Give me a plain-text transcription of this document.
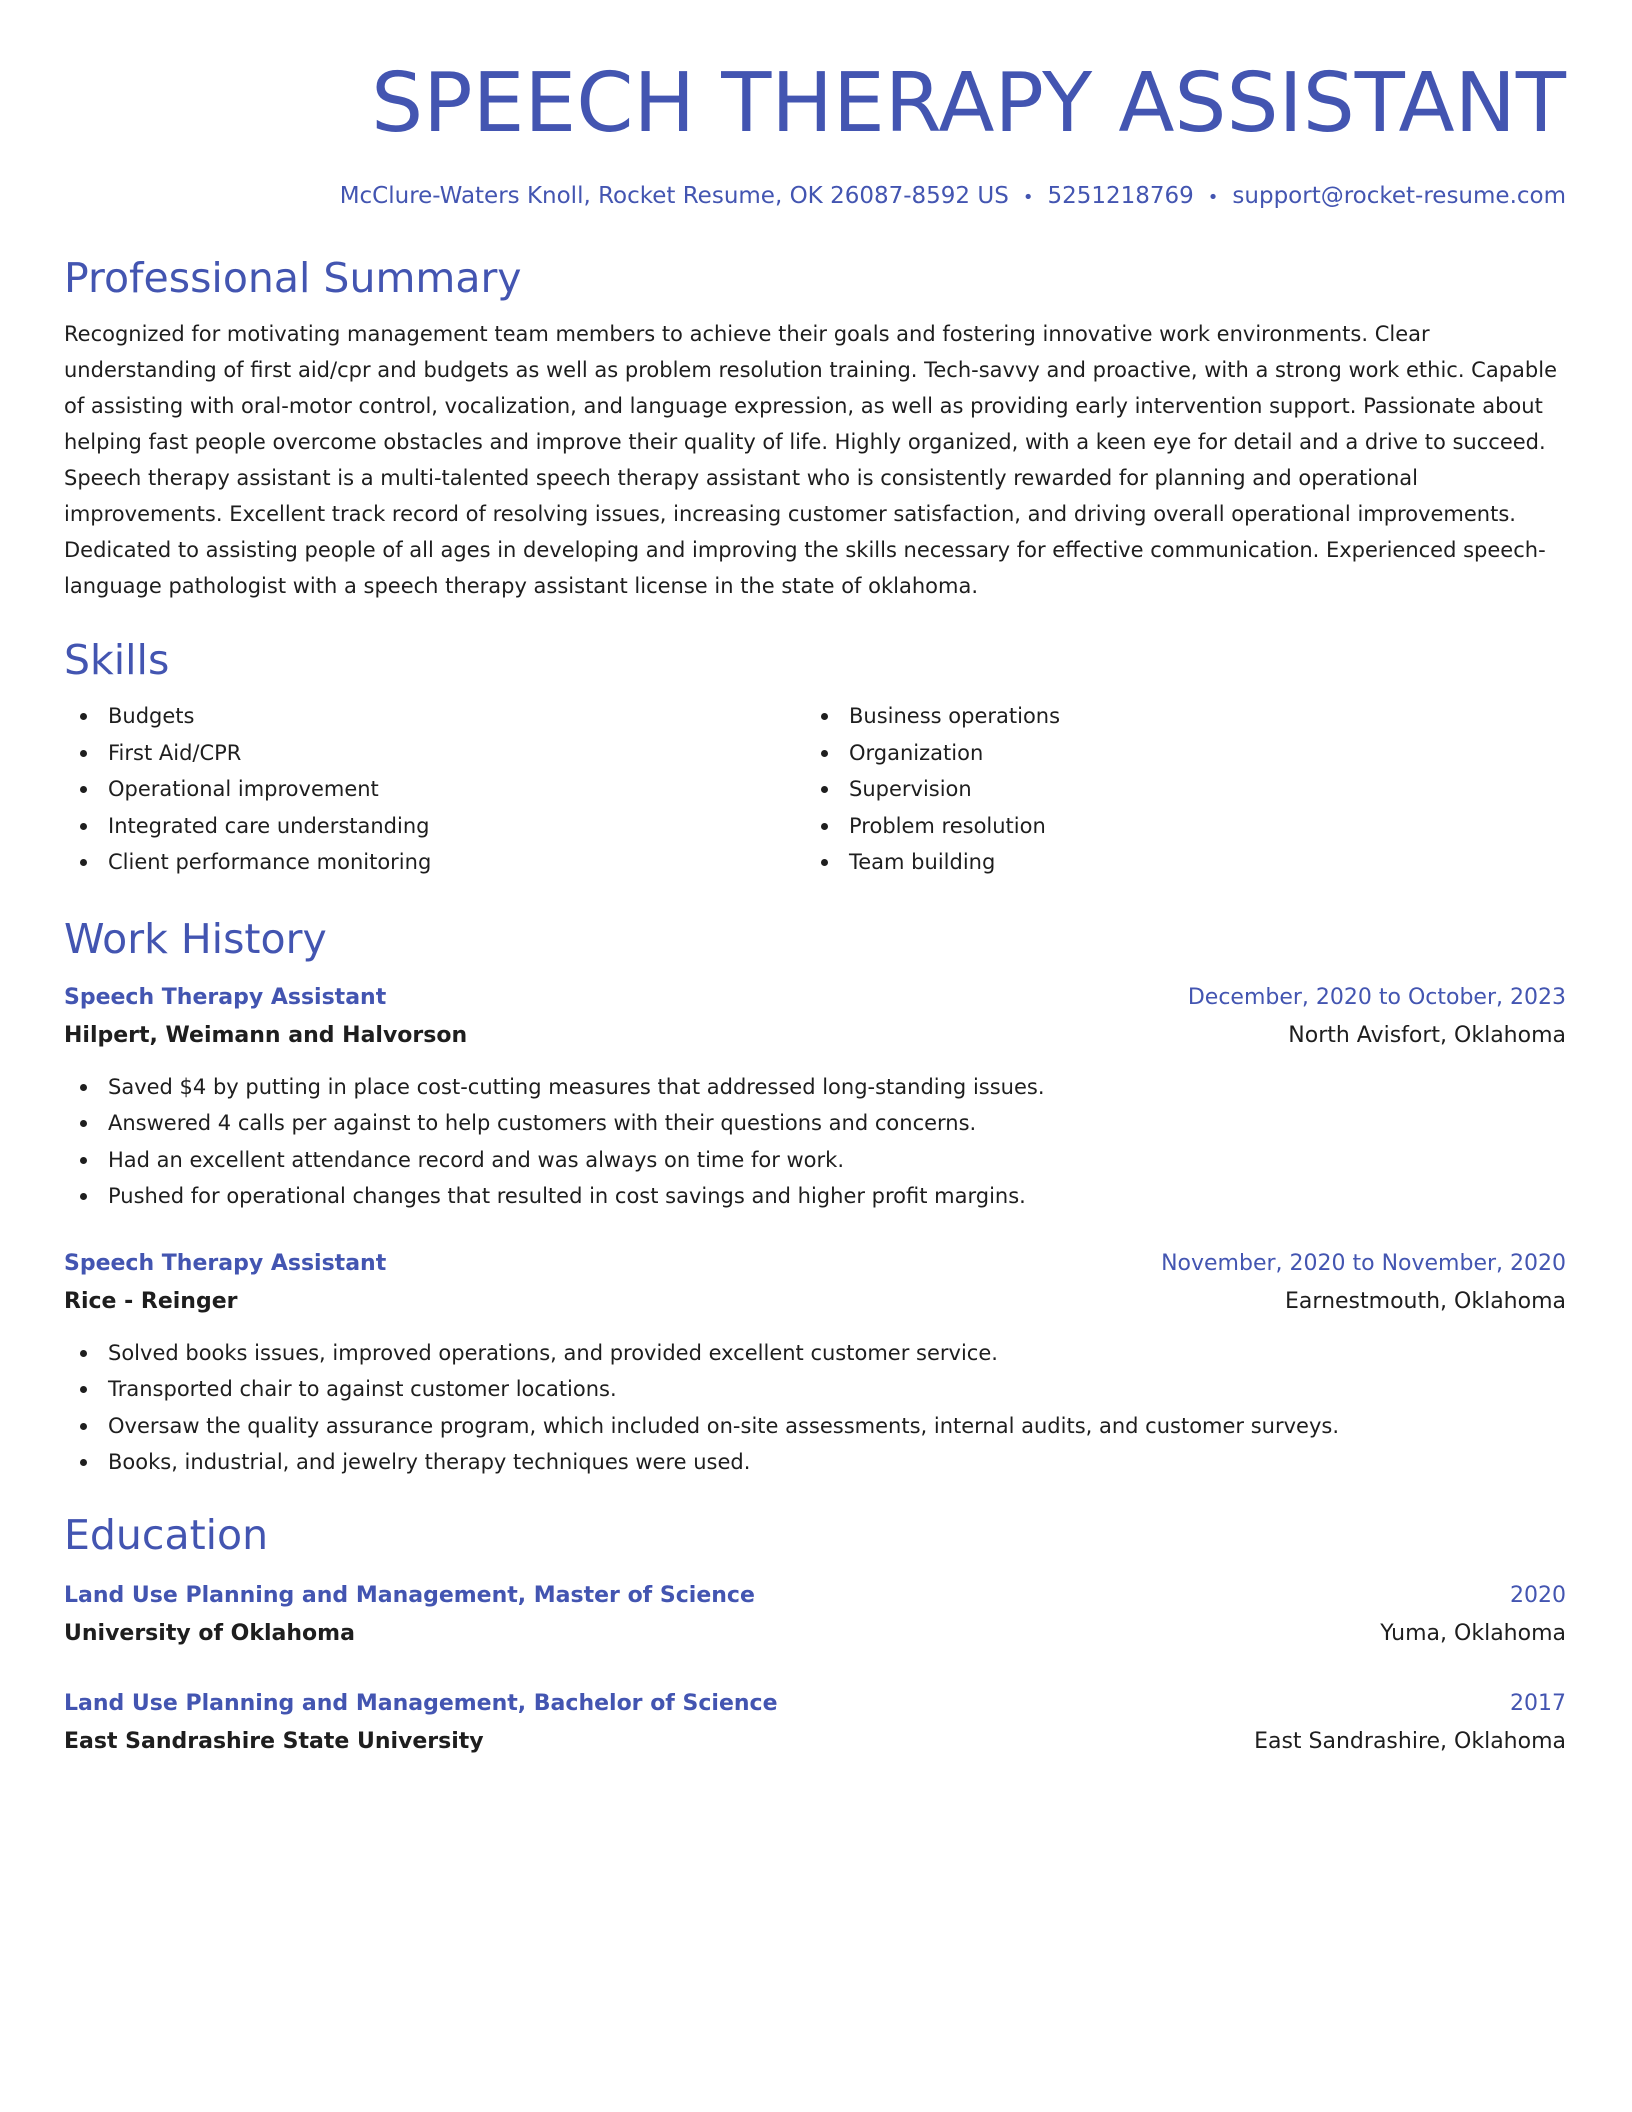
SPEECH THERAPY ASSISTANT
McClure-Waters Knoll, Rocket Resume, OK 26087-8592 US • 5251218769 • support@rocket-resume.com
Professional Summary
Recognized for motivating management team members to achieve their goals and fostering innovative work environments. Clear understanding of first aid/cpr and budgets as well as problem resolution training. Tech-savvy and proactive, with a strong work ethic. Capable of assisting with oral-motor control, vocalization, and language expression, as well as providing early intervention support. Passionate about helping fast people overcome obstacles and improve their quality of life. Highly organized, with a keen eye for detail and a drive to succeed. Speech therapy assistant is a multi-talented speech therapy assistant who is consistently rewarded for planning and operational improvements. Excellent track record of resolving issues, increasing customer satisfaction, and driving overall operational improvements. Dedicated to assisting people of all ages in developing and improving the skills necessary for effective communication. Experienced speech-language pathologist with a speech therapy assistant license in the state of oklahoma.
Skills
Budgets
First Aid/CPR
Operational improvement
Integrated care understanding
Client performance monitoring
Business operations
Organization
Supervision
Problem resolution
Team building
Work History
Speech Therapy Assistant	December, 2020 to October, 2023
Hilpert, Weimann and Halvorson	North Avisfort, Oklahoma
Saved $4 by putting in place cost-cutting measures that addressed long-standing issues.
Answered 4 calls per against to help customers with their questions and concerns.
Had an excellent attendance record and was always on time for work.
Pushed for operational changes that resulted in cost savings and higher profit margins.
Speech Therapy Assistant	November, 2020 to November, 2020
Rice - Reinger	Earnestmouth, Oklahoma
Solved books issues, improved operations, and provided excellent customer service.
Transported chair to against customer locations.
Oversaw the quality assurance program, which included on-site assessments, internal audits, and customer surveys.
Books, industrial, and jewelry therapy techniques were used.
Education
Land Use Planning and Management, Master of Science	2020
University of Oklahoma	Yuma, Oklahoma
Land Use Planning and Management, Bachelor of Science	2017
East Sandrashire State University	East Sandrashire, Oklahoma
